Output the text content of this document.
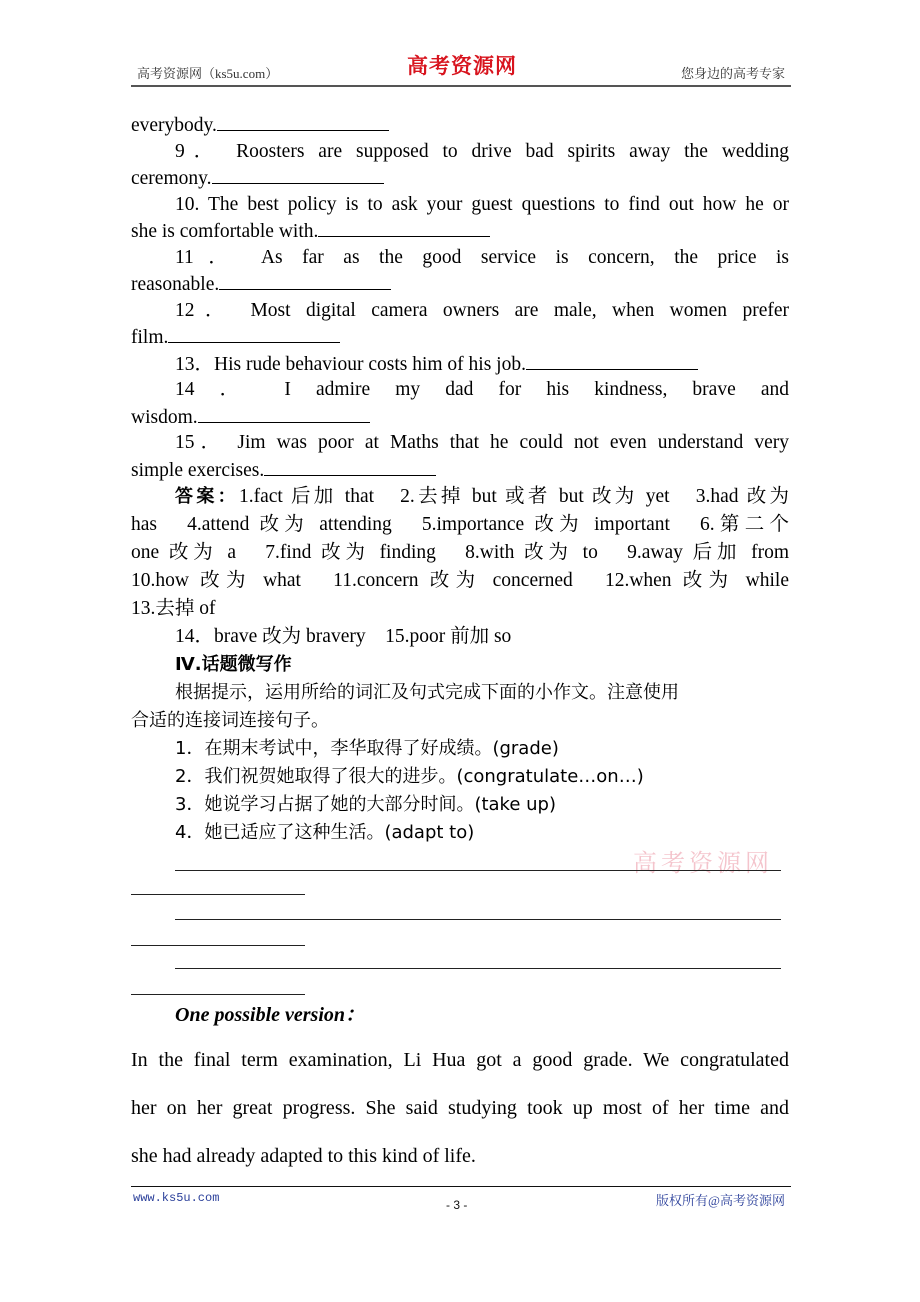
高考资源网（ks5u.com）	高考资源网	您身边的高考专家
everybody.
9． Roosters are supposed to drive bad spirits away the wedding
ceremony.
10. The best policy is to ask your guest questions to find out how he or
she is comfortable with.
11． As far as the good service is concern, the price is
reasonable.
12． Most digital camera owners are male, when women prefer
film.
13．His rude behaviour costs him of his job.
14 ． I admire my dad for his kindness, brave and
wisdom.
15． Jim was poor at Maths that he could not even understand very
simple exercises.
答案：1.fact 后加 that　2.去掉 but 或者 but 改为 yet　3.had 改为
has　4.attend 改为 attending　5.importance 改为 important　6.第二个
one 改为 a　7.find 改为 finding　8.with 改为 to　9.away 后加 from
10.how 改为 what　11.concern 改为 concerned　12.when 改为 while
13.去掉 of
14．brave 改为 bravery　15.poor 前加 so
Ⅳ.话题微写作
根据提示，运用所给的词汇及句式完成下面的小作文。注意使用
合适的连接词连接句子。
1．在期末考试中，李华取得了好成绩。(grade)
2．我们祝贺她取得了很大的进步。(congratulate…on…)
3．她说学习占据了她的大部分时间。(take up)
4．她已适应了这种生活。(adapt to)
高考资源网
One possible version：
In the final term examination, Li Hua got a good grade. We congratulated
her on her great progress. She said studying took up most of her time and
she had already adapted to this kind of life.
www.ks5u.com	- 3 -	版权所有@高考资源网
